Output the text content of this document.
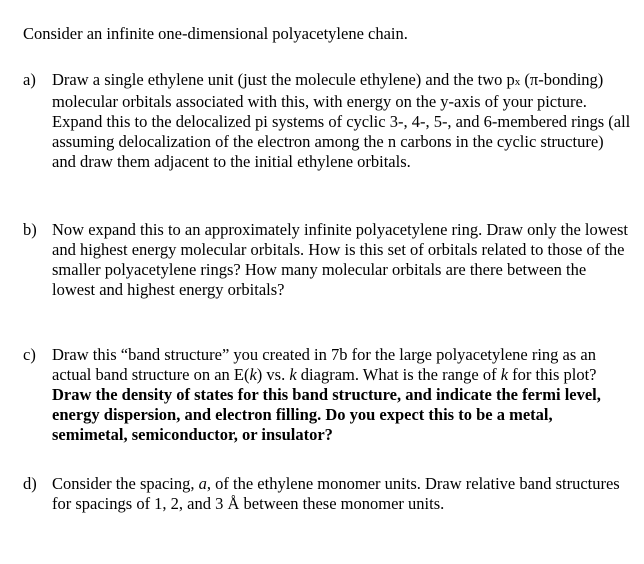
Consider an infinite one-dimensional polyacetylene chain.

a) Draw a single ethylene unit (just the molecule ethylene) and the two px (π-bonding) molecular orbitals associated with this, with energy on the y-axis of your picture. Expand this to the delocalized pi systems of cyclic 3-, 4-, 5-, and 6-membered rings (all assuming delocalization of the electron among the n carbons in the cyclic structure) and draw them adjacent to the initial ethylene orbitals.
b) Now expand this to an approximately infinite polyacetylene ring. Draw only the lowest and highest energy molecular orbitals. How is this set of orbitals related to those of the smaller polyacetylene rings? How many molecular orbitals are there between the lowest and highest energy orbitals?
c) Draw this “band structure” you created in 7b for the large polyacetylene ring as an actual band structure on an E(k) vs. k diagram. What is the range of k for this plot? Draw the density of states for this band structure, and indicate the fermi level, energy dispersion, and electron filling. Do you expect this to be a metal, semimetal, semiconductor, or insulator?
d) Consider the spacing, a, of the ethylene monomer units. Draw relative band structures for spacings of 1, 2, and 3 Å between these monomer units.
